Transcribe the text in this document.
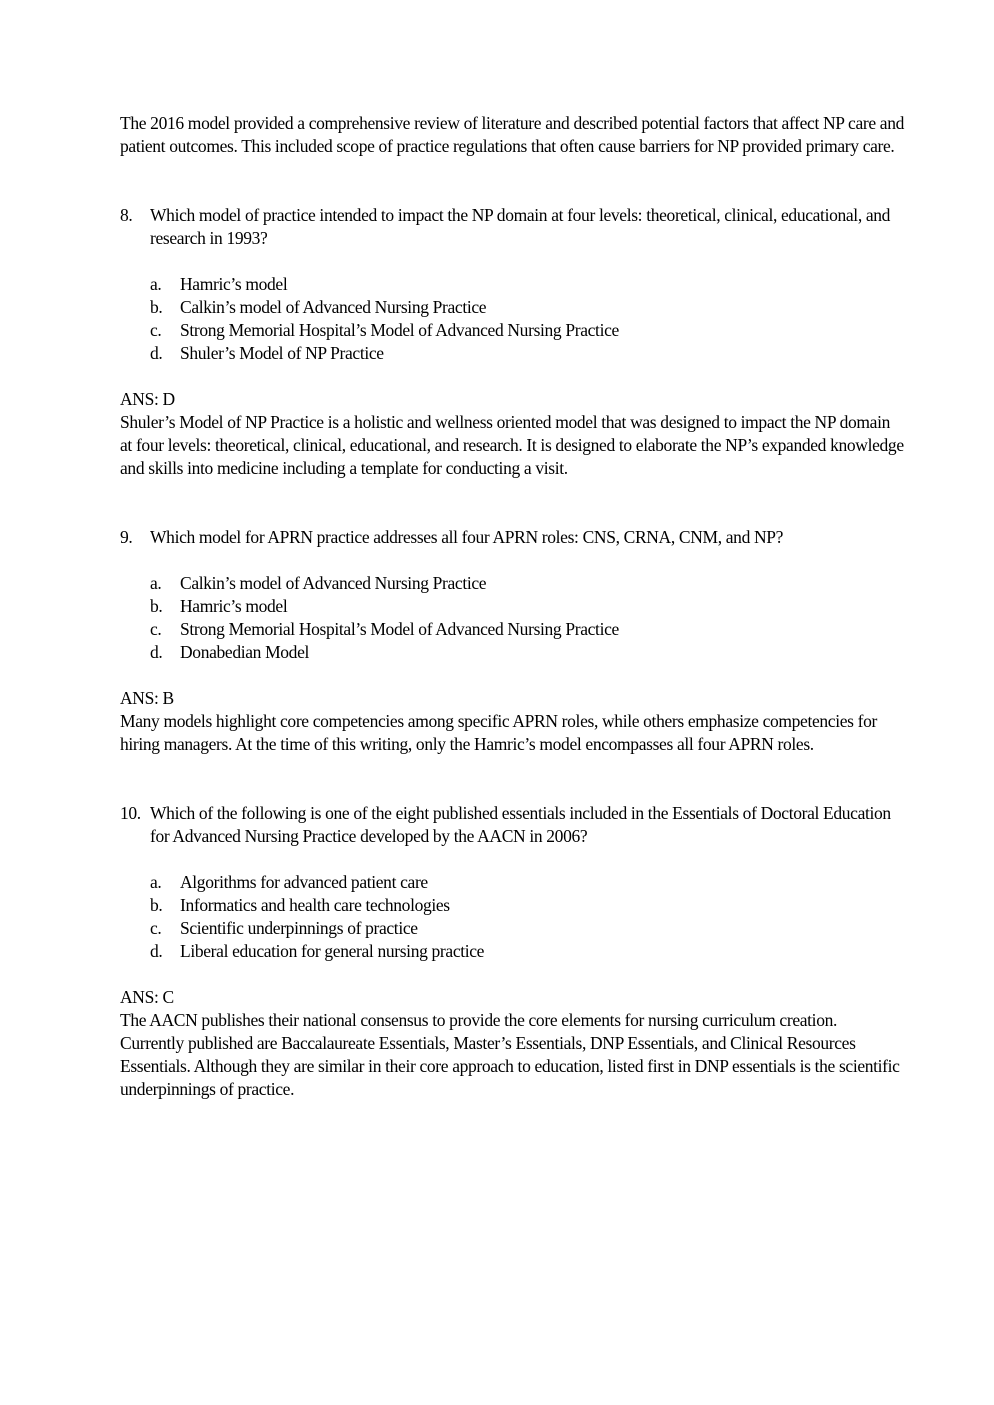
The 2016 model provided a comprehensive review of literature and described potential factors that affect NP care and patient outcomes. This included scope of practice regulations that often cause barriers for NP provided primary care.

8.	Which model of practice intended to impact the NP domain at four levels: theoretical, clinical, educational, and research in 1993?
a.	Hamric’s model
b.	Calkin’s model of Advanced Nursing Practice
c.	Strong Memorial Hospital’s Model of Advanced Nursing Practice
d.	Shuler’s Model of NP Practice

ANS: D

Shuler’s Model of NP Practice is a holistic and wellness oriented model that was designed to impact the NP domain at four levels: theoretical, clinical, educational, and research. It is designed to elaborate the NP’s expanded knowledge and skills into medicine including a template for conducting a visit.

9.	Which model for APRN practice addresses all four APRN roles: CNS, CRNA, CNM, and NP?
a.	Calkin’s model of Advanced Nursing Practice
b.	Hamric’s model
c.	Strong Memorial Hospital’s Model of Advanced Nursing Practice
d.	Donabedian Model

ANS: B

Many models highlight core competencies among specific APRN roles, while others emphasize competencies for hiring managers. At the time of this writing, only the Hamric’s model encompasses all four APRN roles.

10. Which of the following is one of the eight published essentials included in the Essentials of Doctoral Education for Advanced Nursing Practice developed by the AACN in 2006?
a.	Algorithms for advanced patient care
b.	Informatics and health care technologies
c.	Scientific underpinnings of practice
d.	Liberal education for general nursing practice

ANS: C

The AACN publishes their national consensus to provide the core elements for nursing curriculum creation. Currently published are Baccalaureate Essentials, Master’s Essentials, DNP Essentials, and Clinical Resources Essentials. Although they are similar in their core approach to education, listed first in DNP essentials is the scientific underpinnings of practice.
